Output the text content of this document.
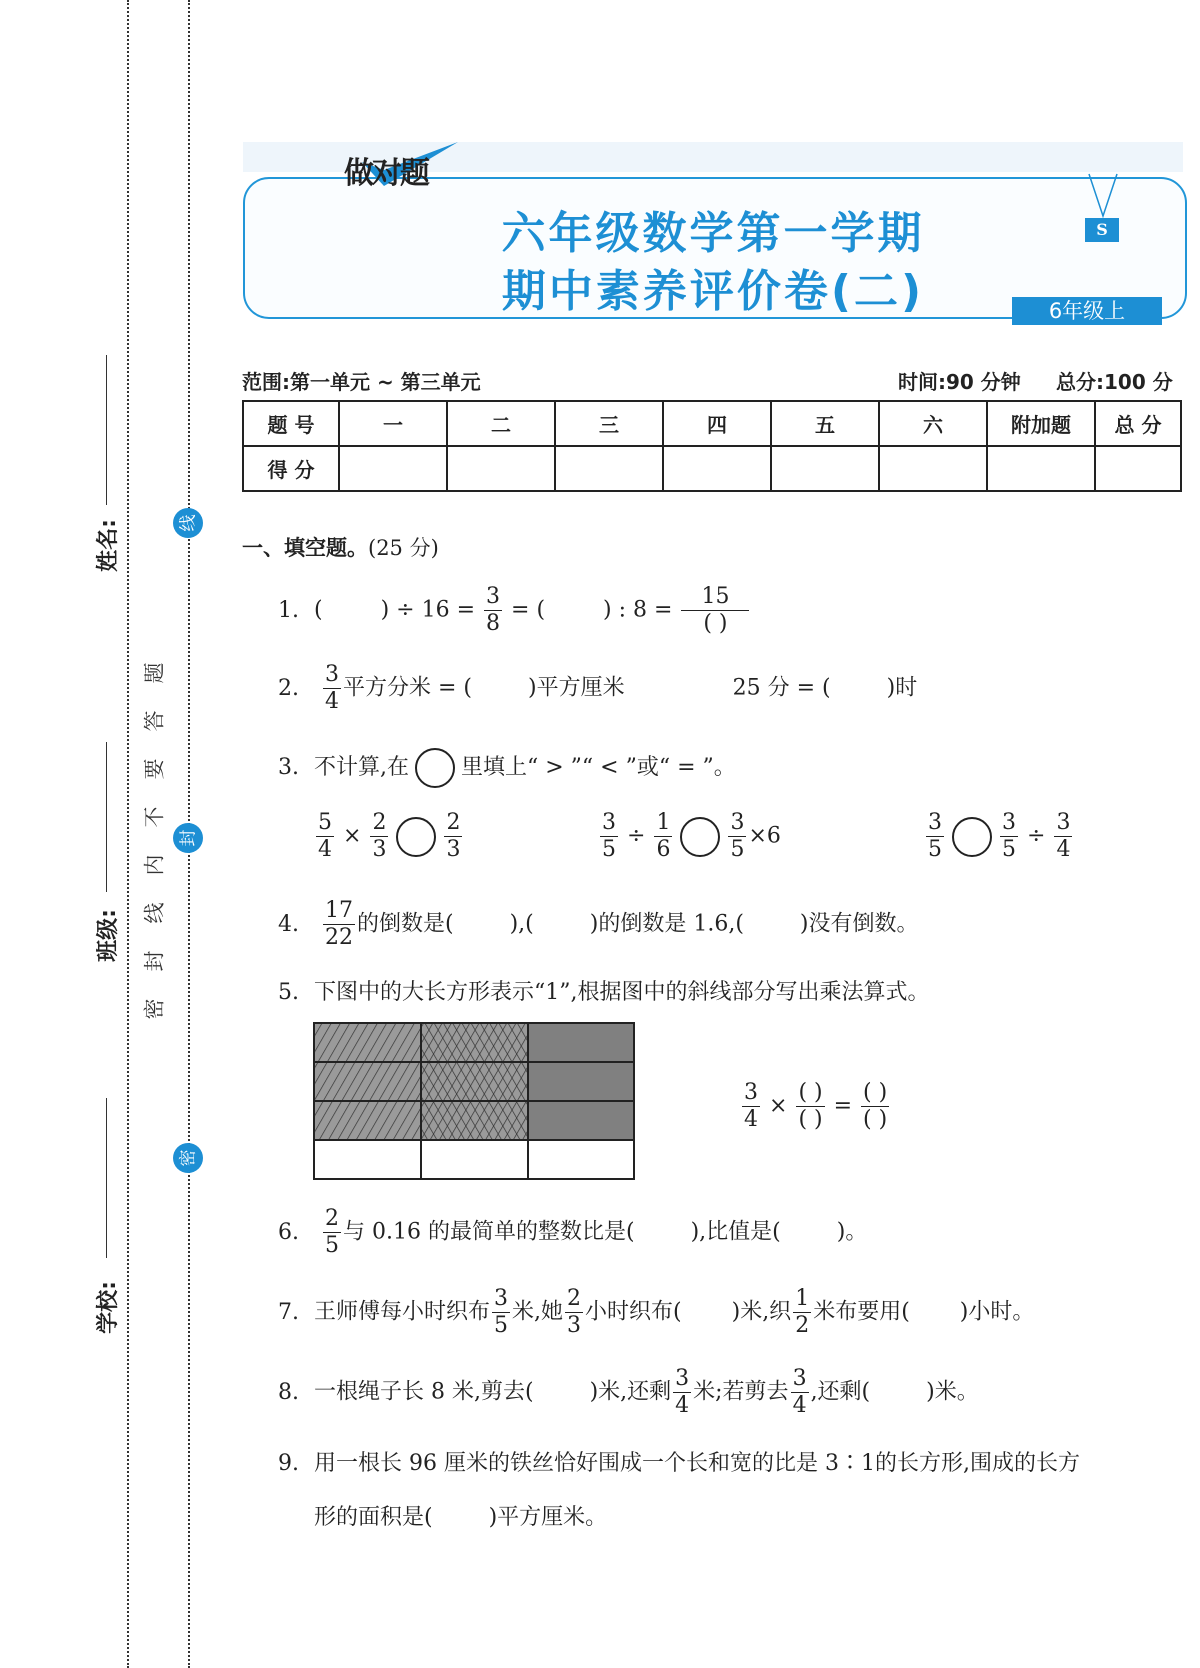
姓名:
班级:
学校:
题
答
要
不
内
线
封
密
线
封
密
做对题
六年级数学第一学期
期中素养评价卷(二)
S
6年级上
范围:第一单元 ~ 第三单元	时间:90 分钟 总分:100 分
题 号	一	二	三	四	五	六	附加题	总 分
得 分								
一、填空题。(25 分)
1. (	) ÷ $16 = \frac{3}{8}$ = (	) : $8 = \frac{15}{( )}$
2. $\frac{3}{4}$ 平方分米 = (	)平方厘米	25 分 = (	)时
3. 不计算,在 里填上“ > ”“ < ”或“ = ”。
$\frac{5}{4} \times \frac{2}{3}$	$\frac{2}{3}$	$\frac{3}{5} \div \frac{1}{6}$	$\frac{3}{5} \times 6$	$\frac{3}{5}$	$\frac{3}{5} \div \frac{3}{4}$
4. $\frac{17}{22}$ 的倒数是(	),(	)的倒数是 1.6,(	)没有倒数。
5. 下图中的大长方形表示“1”,根据图中的斜线部分写出乘法算式。
$\frac{3}{4} \times \frac{( )}{( )} = \frac{( )}{( )}$
6. $\frac{2}{5}$ 与 0.16 的最简单的整数比是(	),比值是(	)。
7. 王师傅每小时织布 $\frac{3}{5}$ 米,她 $\frac{2}{3}$ 小时织布( )米,织 $\frac{1}{2}$ 米布要用( )小时。
8. 一根绳子长 8 米,剪去(	)米,还剩 $\frac{3}{4}$ 米;若剪去 $\frac{3}{4}$ ,还剩(	)米。
9. 用一根长 96 厘米的铁丝恰好围成一个长和宽的比是 3∶1的长方形,围成的长方
形的面积是(	)平方厘米。
